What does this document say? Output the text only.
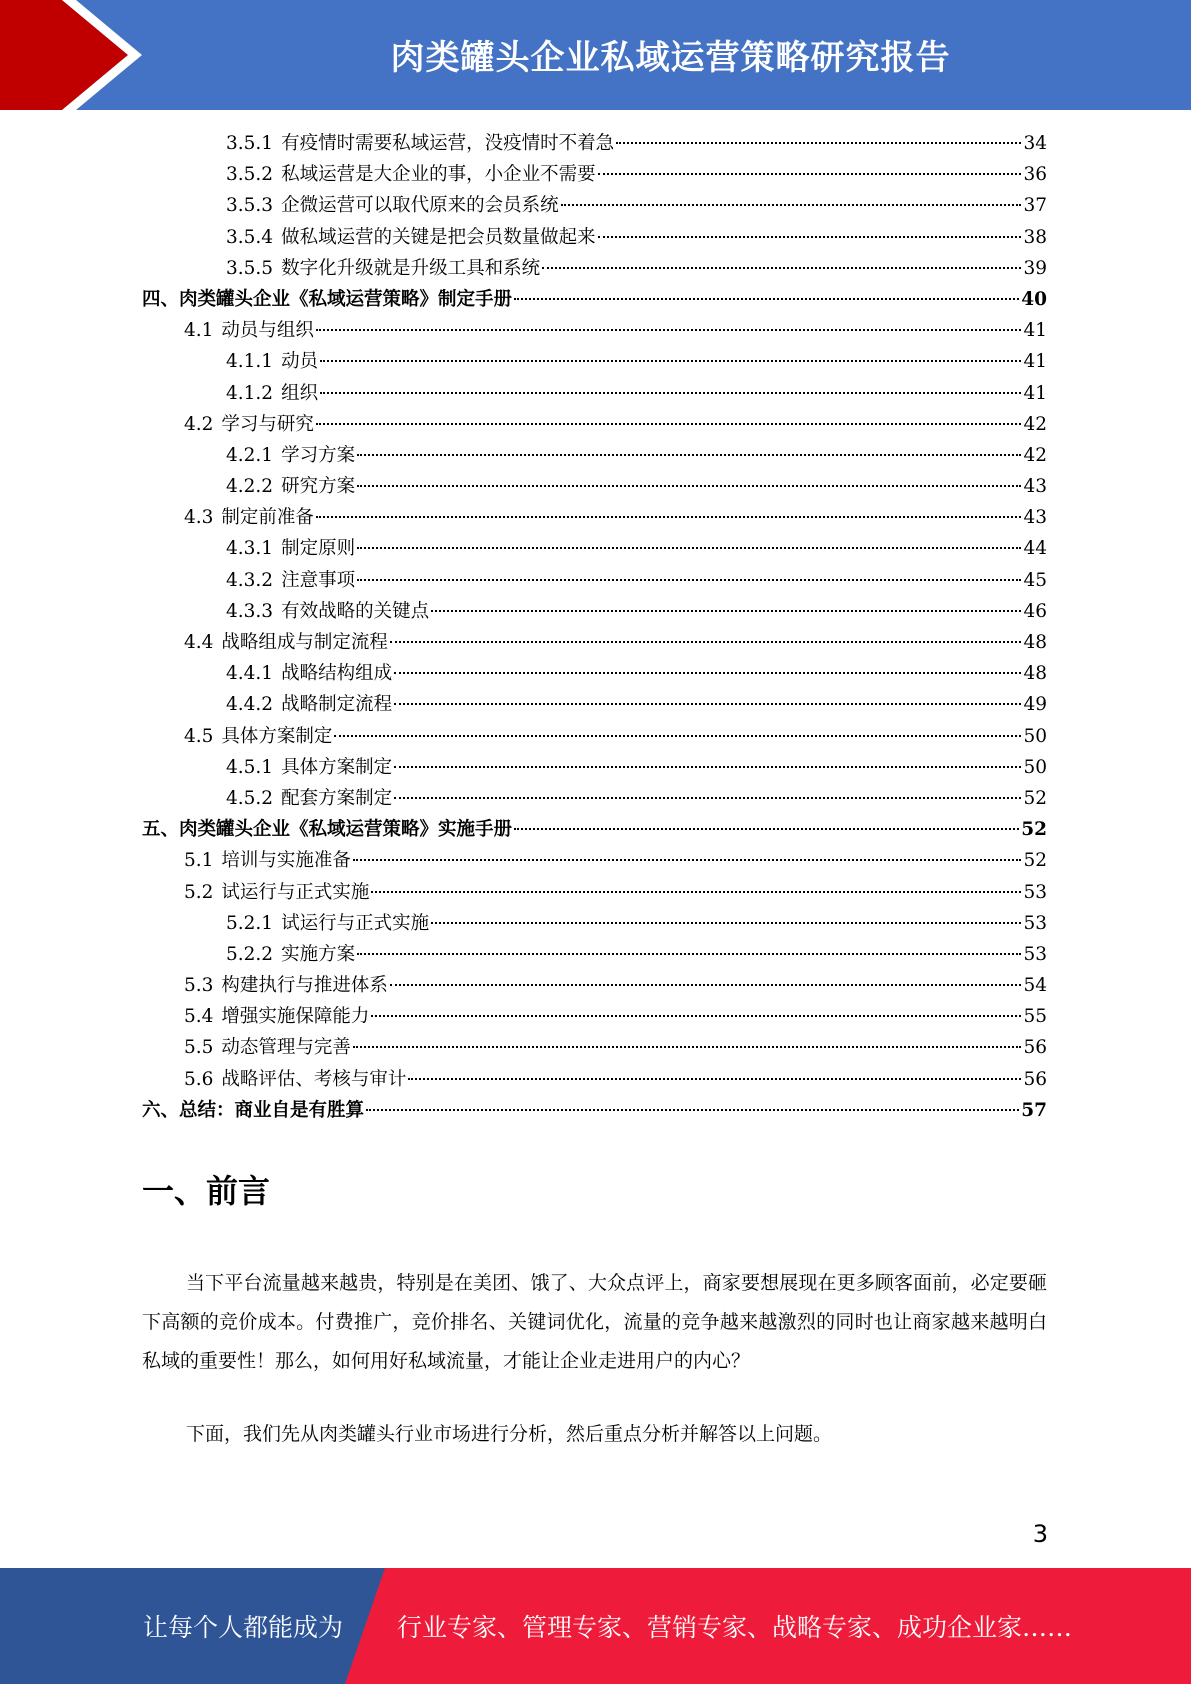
肉类罐头企业私域运营策略研究报告
3.5.1 有疫情时需要私域运营，没疫情时不着急	34
3.5.2 私域运营是大企业的事，小企业不需要	36
3.5.3 企微运营可以取代原来的会员系统	37
3.5.4 做私域运营的关键是把会员数量做起来	38
3.5.5 数字化升级就是升级工具和系统	39
四、肉类罐头企业《私域运营策略》制定手册	40
4.1 动员与组织	41
4.1.1 动员	41
4.1.2 组织	41
4.2 学习与研究	42
4.2.1 学习方案	42
4.2.2 研究方案	43
4.3 制定前准备	43
4.3.1 制定原则	44
4.3.2 注意事项	45
4.3.3 有效战略的关键点	46
4.4 战略组成与制定流程	48
4.4.1 战略结构组成	48
4.4.2 战略制定流程	49
4.5 具体方案制定	50
4.5.1 具体方案制定	50
4.5.2 配套方案制定	52
五、肉类罐头企业《私域运营策略》实施手册	52
5.1 培训与实施准备	52
5.2 试运行与正式实施	53
5.2.1 试运行与正式实施	53
5.2.2 实施方案	53
5.3 构建执行与推进体系	54
5.4 增强实施保障能力	55
5.5 动态管理与完善	56
5.6 战略评估、考核与审计	56
六、总结：商业自是有胜算	57
一、前言
当下平台流量越来越贵，特别是在美团、饿了、大众点评上，商家要想展现在更多顾客面前，必定要砸下高额的竞价成本。付费推广，竞价排名、关键词优化，流量的竞争越来越激烈的同时也让商家越来越明白私域的重要性！那么，如何用好私域流量，才能让企业走进用户的内心？
下面，我们先从肉类罐头行业市场进行分析，然后重点分析并解答以上问题。
3
让每个人都能成为 行业专家、管理专家、营销专家、战略专家、成功企业家……
